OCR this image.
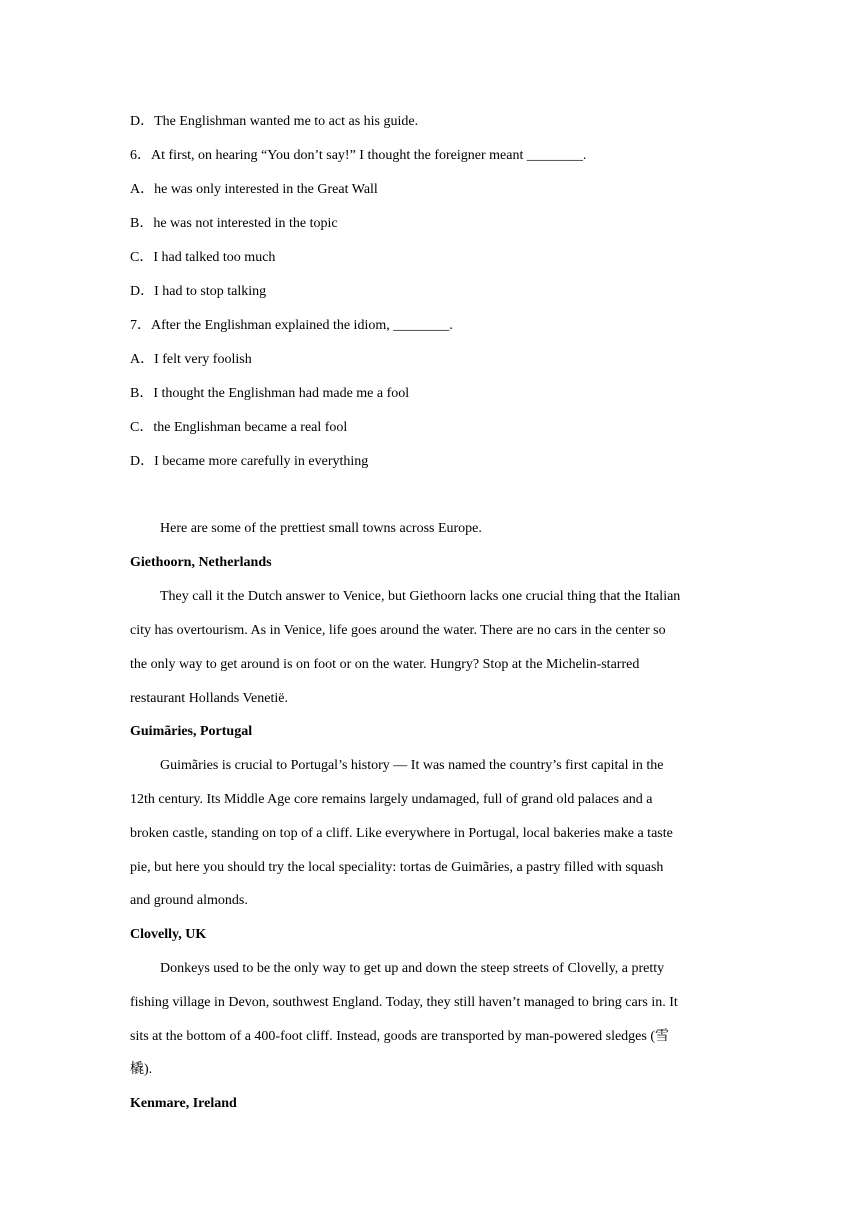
D．The Englishman wanted me to act as his guide.
6．At first, on hearing “You don’t say!” I thought the foreigner meant ________.
A．he was only interested in the Great Wall
B．he was not interested in the topic
C．I had talked too much
D．I had to stop talking
7．After the Englishman explained the idiom, ________.
A．I felt very foolish
B．I thought the Englishman had made me a fool
C．the Englishman became a real fool
D．I became more carefully in everything
Here are some of the prettiest small towns across Europe.
Giethoorn, Netherlands
They call it the Dutch answer to Venice, but Giethoorn lacks one crucial thing that the Italian
city has overtourism. As in Venice, life goes around the water. There are no cars in the center so
the only way to get around is on foot or on the water. Hungry? Stop at the Michelin-starred
restaurant Hollands Venetië.
Guimãries, Portugal
Guimãries is crucial to Portugal’s history — It was named the country’s first capital in the
12th century. Its Middle Age core remains largely undamaged, full of grand old palaces and a
broken castle, standing on top of a cliff. Like everywhere in Portugal, local bakeries make a taste
pie, but here you should try the local speciality: tortas de Guimãries, a pastry filled with squash
and ground almonds.
Clovelly, UK
Donkeys used to be the only way to get up and down the steep streets of Clovelly, a pretty
fishing village in Devon, southwest England. Today, they still haven’t managed to bring cars in. It
sits at the bottom of a 400-foot cliff. Instead, goods are transported by man-powered sledges (雪
橇).
Kenmare, Ireland
